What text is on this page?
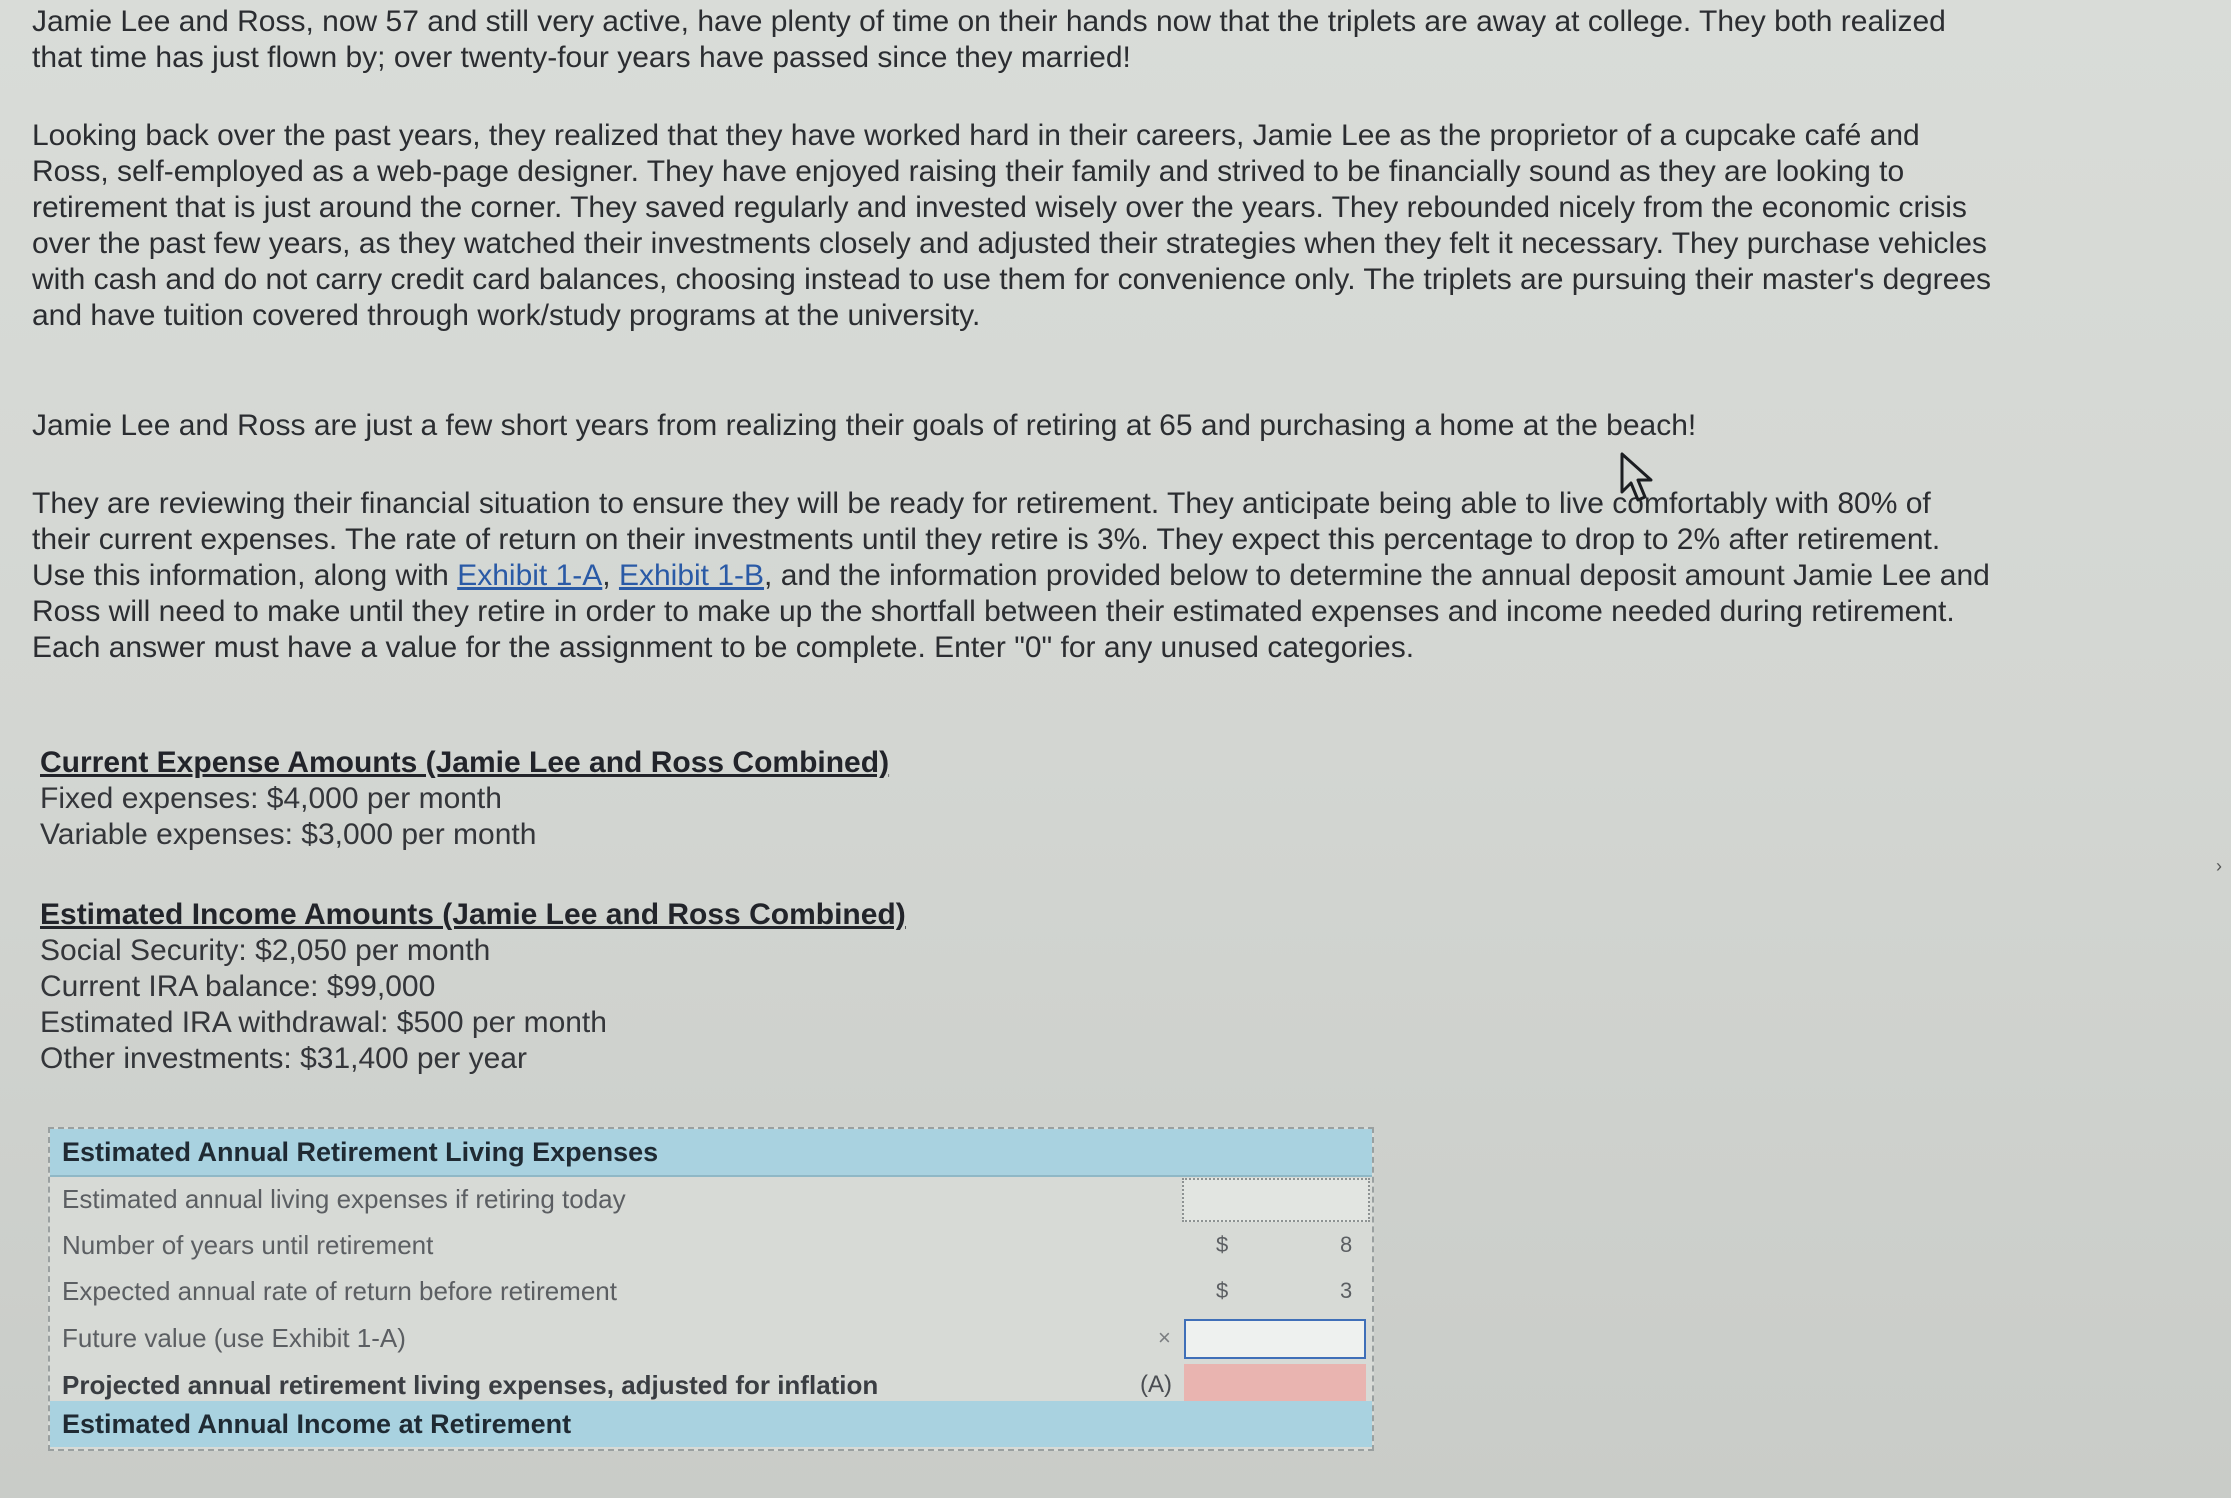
Jamie Lee and Ross, now 57 and still very active, have plenty of time on their hands now that the triplets are away at college. They both realized that time has just flown by; over twenty-four years have passed since they married!

Looking back over the past years, they realized that they have worked hard in their careers, Jamie Lee as the proprietor of a cupcake café and Ross, self-employed as a web-page designer. They have enjoyed raising their family and strived to be financially sound as they are looking to retirement that is just around the corner. They saved regularly and invested wisely over the years. They rebounded nicely from the economic crisis over the past few years, as they watched their investments closely and adjusted their strategies when they felt it necessary. They purchase vehicles with cash and do not carry credit card balances, choosing instead to use them for convenience only. The triplets are pursuing their master's degrees and have tuition covered through work/study programs at the university.

Jamie Lee and Ross are just a few short years from realizing their goals of retiring at 65 and purchasing a home at the beach!

They are reviewing their financial situation to ensure they will be ready for retirement. They anticipate being able to live comfortably with 80% of their current expenses. The rate of return on their investments until they retire is 3%. They expect this percentage to drop to 2% after retirement. Use this information, along with Exhibit 1-A, Exhibit 1-B, and the information provided below to determine the annual deposit amount Jamie Lee and Ross will need to make until they retire in order to make up the shortfall between their estimated expenses and income needed during retirement. Each answer must have a value for the assignment to be complete. Enter "0" for any unused categories.

Current Expense Amounts (Jamie Lee and Ross Combined)
Fixed expenses: $4,000 per month
Variable expenses: $3,000 per month
Estimated Income Amounts (Jamie Lee and Ross Combined)
Social Security: $2,050 per month
Current IRA balance: $99,000
Estimated IRA withdrawal: $500 per month
Other investments: $31,400 per year
Estimated Annual Retirement Living Expenses
Estimated annual living expenses if retiring today
Number of years until retirement	$	8
Expected annual rate of return before retirement	$	3
Future value (use Exhibit 1-A)	×
Projected annual retirement living expenses, adjusted for inflation	(A)
Estimated Annual Income at Retirement
›
